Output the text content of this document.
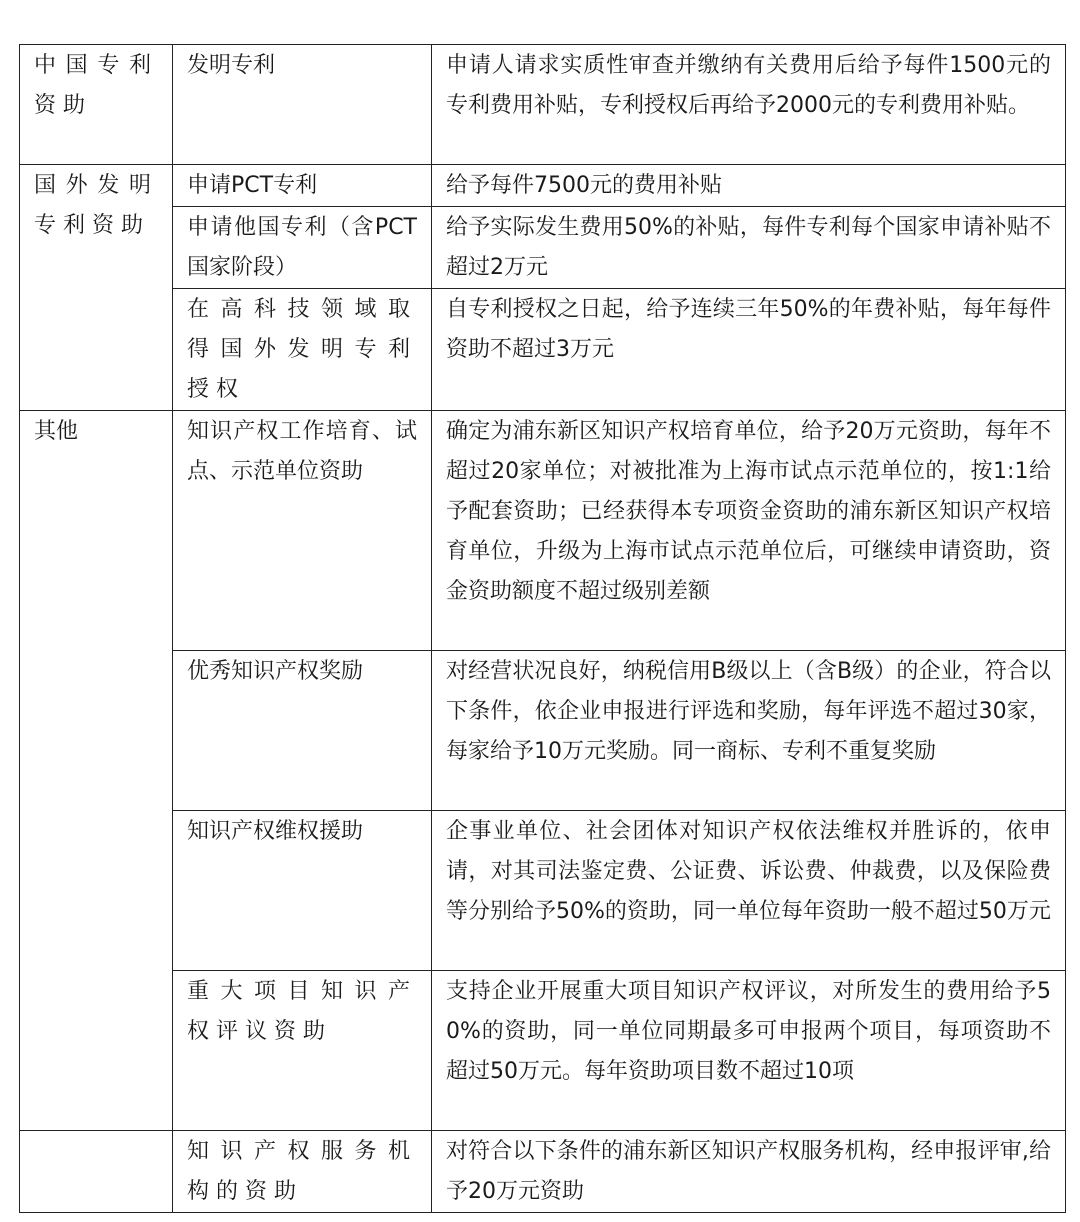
中国专利资助	发明专利	申请人请求实质性审查并缴纳有关费用后给予每件1500元的专利费用补贴，专利授权后再给予2000元的专利费用补贴。
国外发明专利资助	申请PCT专利	给予每件7500元的费用补贴
	申请他国专利（含PCT国家阶段）	给予实际发生费用50%的补贴，每件专利每个国家申请补贴不超过2万元
	在高科技领域取得国外发明专利授权	自专利授权之日起，给予连续三年50%的年费补贴，每年每件资助不超过3万元
其他	知识产权工作培育、试点、示范单位资助	确定为浦东新区知识产权培育单位，给予20万元资助，每年不超过20家单位；对被批准为上海市试点示范单位的，按1:1给予配套资助；已经获得本专项资金资助的浦东新区知识产权培育单位，升级为上海市试点示范单位后，可继续申请资助，资金资助额度不超过级别差额
	优秀知识产权奖励	对经营状况良好，纳税信用B级以上（含B级）的企业，符合以下条件，依企业申报进行评选和奖励，每年评选不超过30家，每家给予10万元奖励。同一商标、专利不重复奖励
	知识产权维权援助	企事业单位、社会团体对知识产权依法维权并胜诉的，依申请，对其司法鉴定费、公证费、诉讼费、仲裁费，以及保险费等分别给予50%的资助，同一单位每年资助一般不超过50万元
	重大项目知识产权评议资助	支持企业开展重大项目知识产权评议，对所发生的费用给予50%的资助，同一单位同期最多可申报两个项目，每项资助不超过50万元。每年资助项目数不超过10项
	知识产权服务机构的资助	对符合以下条件的浦东新区知识产权服务机构，经申报评审,给予20万元资助
